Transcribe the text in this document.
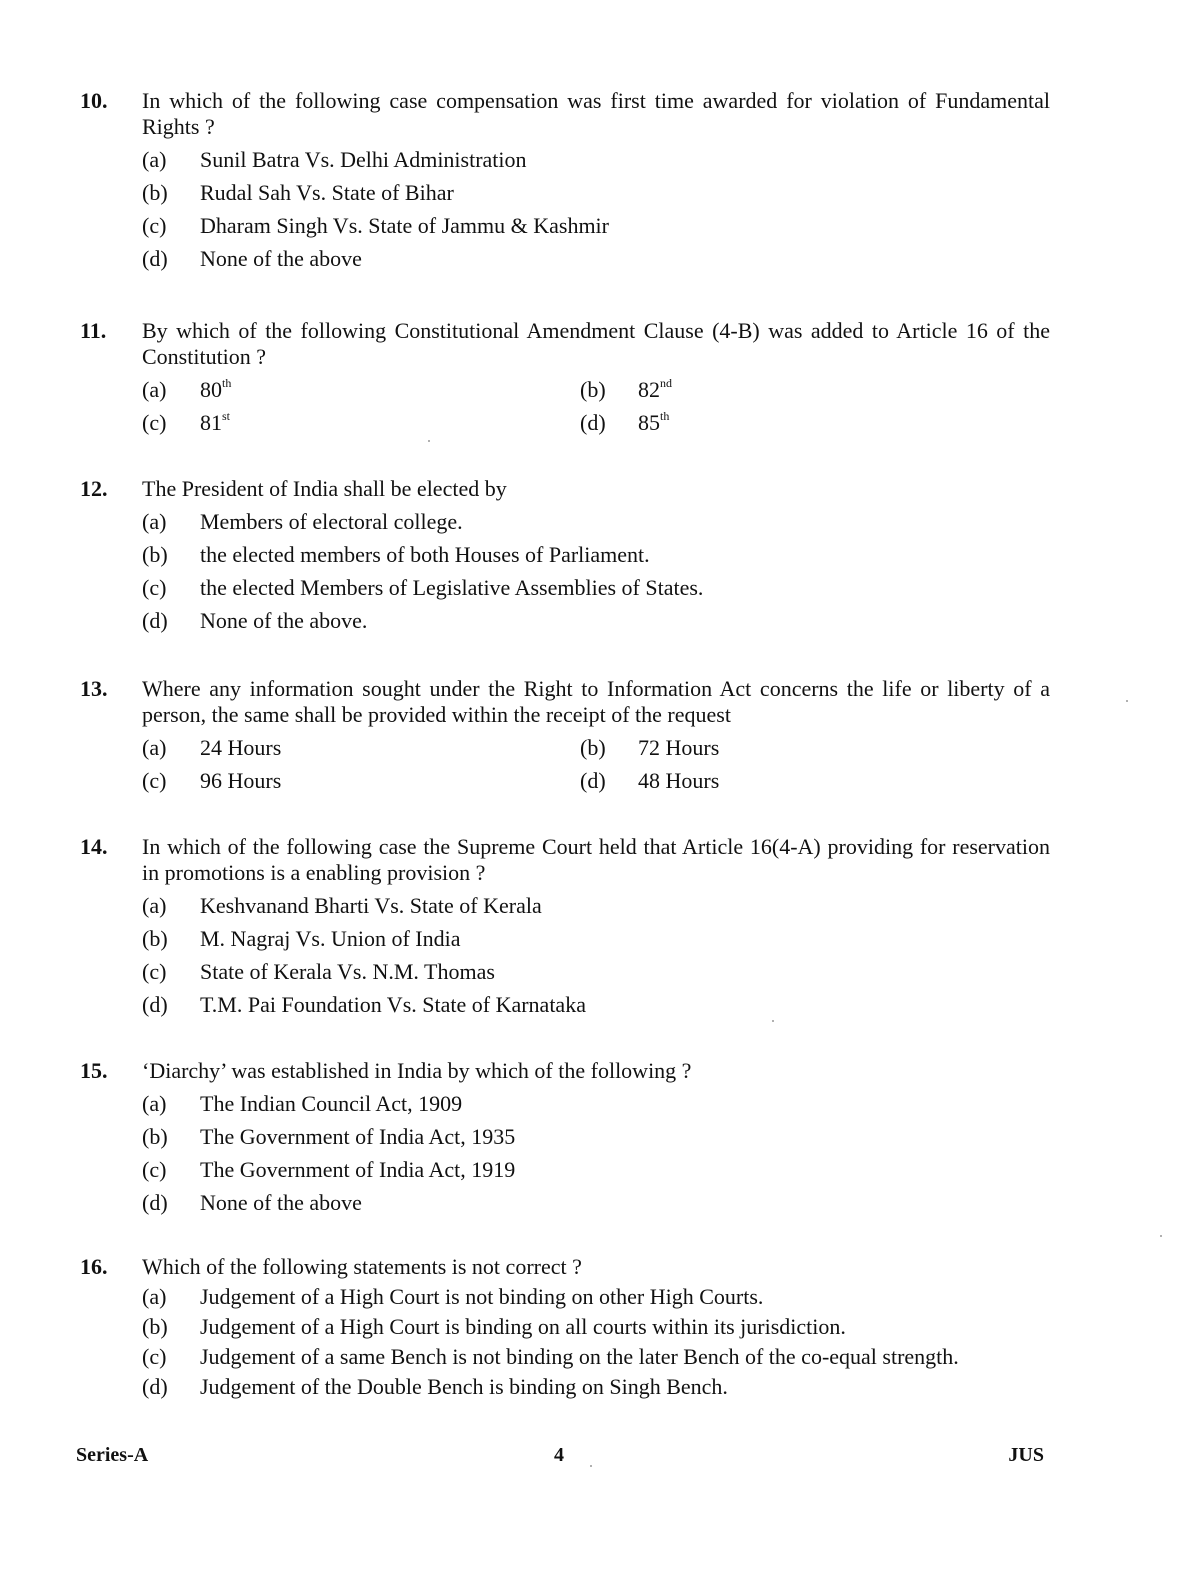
10.	In which of the following case compensation was first time awarded for violation of Fundamental Rights ?
(a)	Sunil Batra Vs. Delhi Administration
(b)	Rudal Sah Vs. State of Bihar
(c)	Dharam Singh Vs. State of Jammu & Kashmir
(d)	None of the above
11.	By which of the following Constitutional Amendment Clause (4-B) was added to Article 16 of the Constitution ?
(a)	80th	(b)	82nd
(c)	81st	(d)	85th
12.	The President of India shall be elected by
(a)	Members of electoral college.
(b)	the elected members of both Houses of Parliament.
(c)	the elected Members of Legislative Assemblies of States.
(d)	None of the above.
13.	Where any information sought under the Right to Information Act concerns the life or liberty of a person, the same shall be provided within the receipt of the request
(a)	24 Hours	(b)	72 Hours
(c)	96 Hours	(d)	48 Hours
14.	In which of the following case the Supreme Court held that Article 16(4-A) providing for reservation in promotions is a enabling provision ?
(a)	Keshvanand Bharti Vs. State of Kerala
(b)	M. Nagraj Vs. Union of India
(c)	State of Kerala Vs. N.M. Thomas
(d)	T.M. Pai Foundation Vs. State of Karnataka
15.	‘Diarchy’ was established in India by which of the following ?
(a)	The Indian Council Act, 1909
(b)	The Government of India Act, 1935
(c)	The Government of India Act, 1919
(d)	None of the above
16.	Which of the following statements is not correct ?
(a)	Judgement of a High Court is not binding on other High Courts.
(b)	Judgement of a High Court is binding on all courts within its jurisdiction.
(c)	Judgement of a same Bench is not binding on the later Bench of the co-equal strength.
(d)	Judgement of the Double Bench is binding on Singh Bench.
Series-A	4	JUS
